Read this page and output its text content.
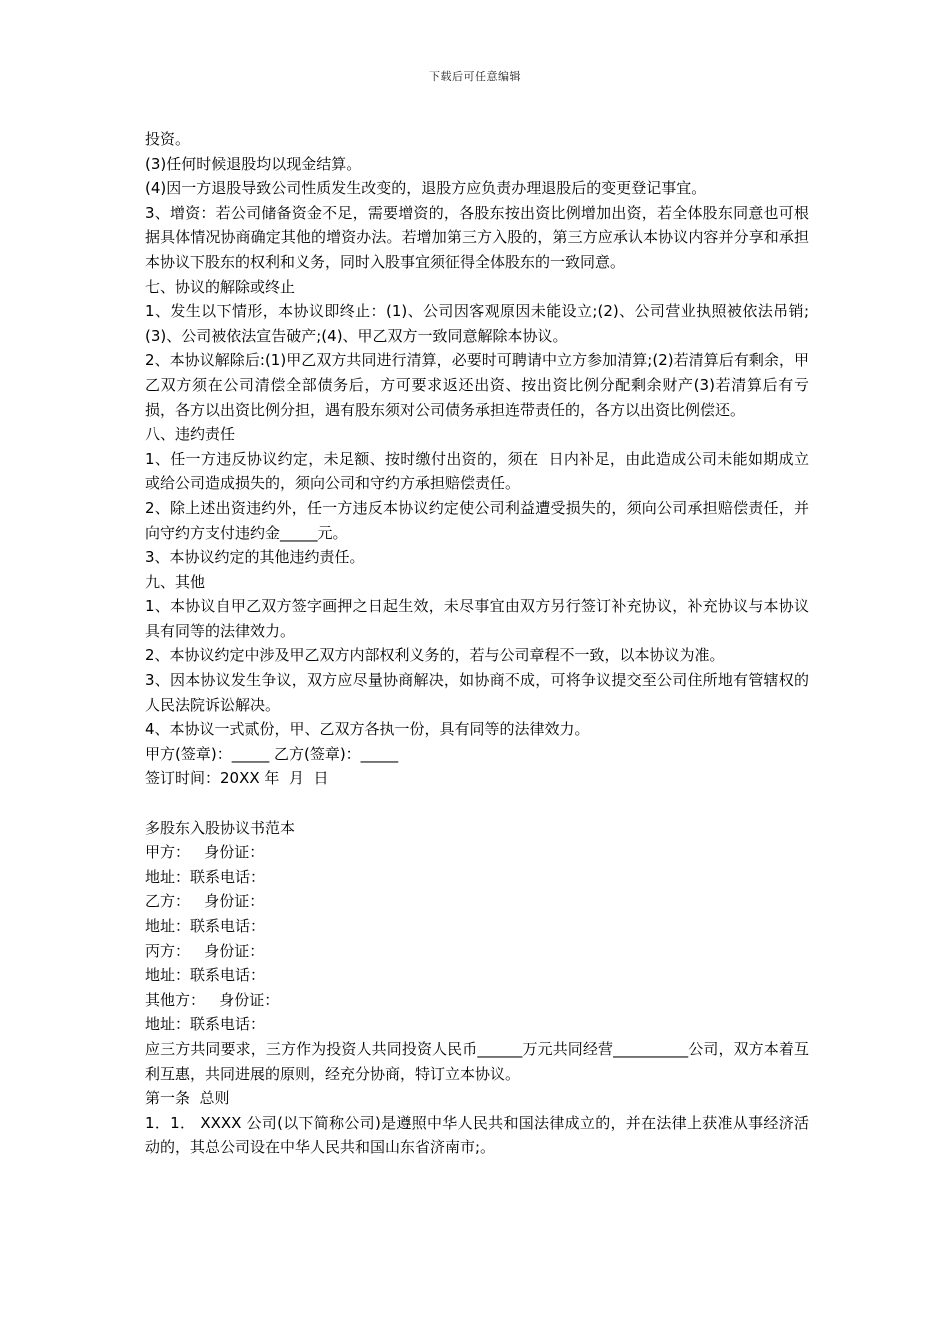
下载后可任意编辑

投资。

(3)任何时候退股均以现金结算。

(4)因一方退股导致公司性质发生改变的，退股方应负责办理退股后的变更登记事宜。

3、增资：若公司储备资金不足，需要增资的，各股东按出资比例增加出资，若全体股东同意也可根据具体情况协商确定其他的增资办法。若增加第三方入股的，第三方应承认本协议内容并分享和承担本协议下股东的权利和义务，同时入股事宜须征得全体股东的一致同意。

七、协议的解除或终止

1、发生以下情形，本协议即终止：(1)、公司因客观原因未能设立;(2)、公司营业执照被依法吊销;(3)、公司被依法宣告破产;(4)、甲乙双方一致同意解除本协议。

2、本协议解除后:(1)甲乙双方共同进行清算，必要时可聘请中立方参加清算;(2)若清算后有剩余，甲乙双方须在公司清偿全部债务后，方可要求返还出资、按出资比例分配剩余财产(3)若清算后有亏损，各方以出资比例分担，遇有股东须对公司债务承担连带责任的，各方以出资比例偿还。

八、违约责任

1、任一方违反协议约定，未足额、按时缴付出资的，须在  日内补足，由此造成公司未能如期成立或给公司造成损失的，须向公司和守约方承担赔偿责任。

2、除上述出资违约外，任一方违反本协议约定使公司利益遭受损失的，须向公司承担赔偿责任，并向守约方支付违约金_____元。

3、本协议约定的其他违约责任。

九、其他

1、本协议自甲乙双方签字画押之日起生效，未尽事宜由双方另行签订补充协议，补充协议与本协议具有同等的法律效力。

2、本协议约定中涉及甲乙双方内部权利义务的，若与公司章程不一致，以本协议为准。

3、因本协议发生争议，双方应尽量协商解决，如协商不成，可将争议提交至公司住所地有管辖权的人民法院诉讼解决。

4、本协议一式贰份，甲、乙双方各执一份，具有同等的法律效力。

甲方(签章)：_____ 乙方(签章)：_____

签订时间：20XX 年  月  日

多股东入股协议书范本

甲方：   身份证：

地址：联系电话：

乙方：   身份证：

地址：联系电话：

丙方：   身份证：

地址：联系电话：

其他方：   身份证：

地址：联系电话：

应三方共同要求，三方作为投资人共同投资人民币______万元共同经营__________公司，双方本着互利互惠，共同进展的原则，经充分协商，特订立本协议。

第一条  总则

1．1． XXXX 公司(以下简称公司)是遵照中华人民共和国法律成立的，并在法律上获准从事经济活动的，其总公司设在中华人民共和国山东省济南市;。
